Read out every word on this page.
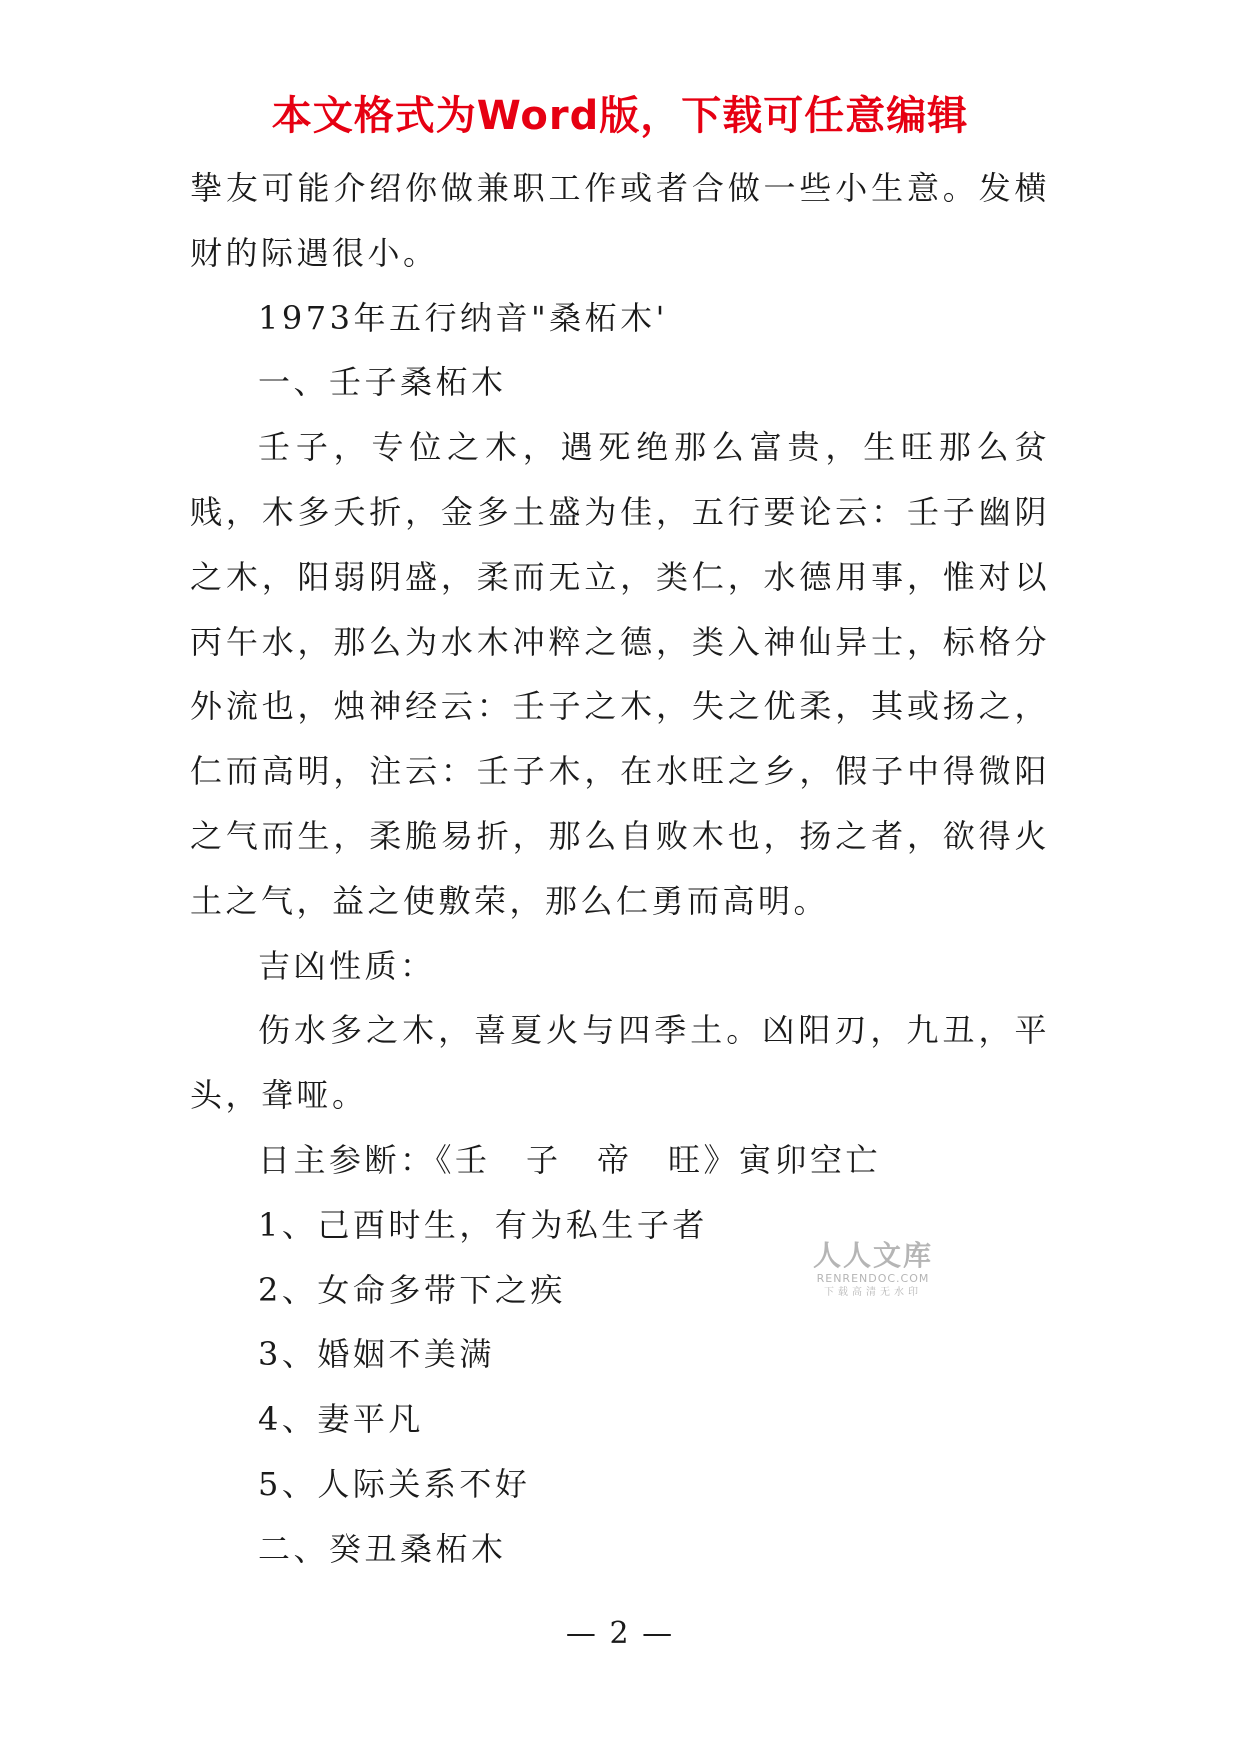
本文格式为Word版，下载可任意编辑

挚友可能介绍你做兼职工作或者合做一些小生意。发横财的际遇很小。

1973年五行纳音"桑柘木'

一、壬子桑柘木

壬子，专位之木，遇死绝那么富贵，生旺那么贫贱，木多夭折，金多土盛为佳，五行要论云：壬子幽阴之木，阳弱阴盛，柔而无立，类仁，水德用事，惟对以丙午水，那么为水木冲粹之德，类入神仙异士，标格分外流也，烛神经云：壬子之木，失之优柔，其或扬之，仁而高明，注云：壬子木，在水旺之乡，假子中得微阳之气而生，柔脆易折，那么自败木也，扬之者，欲得火土之气，益之使敷荣，那么仁勇而高明。

吉凶性质：

伤水多之木，喜夏火与四季土。凶阳刃，九丑，平头，聋哑。

日主参断：《壬　子　帝　旺》寅卯空亡

1、己酉时生，有为私生子者

2、女命多带下之疾

3、婚姻不美满

4、妻平凡

5、人际关系不好

二、癸丑桑柘木

人人文库
RENRENDOC.COM
下载高清无水印
— 2 —
